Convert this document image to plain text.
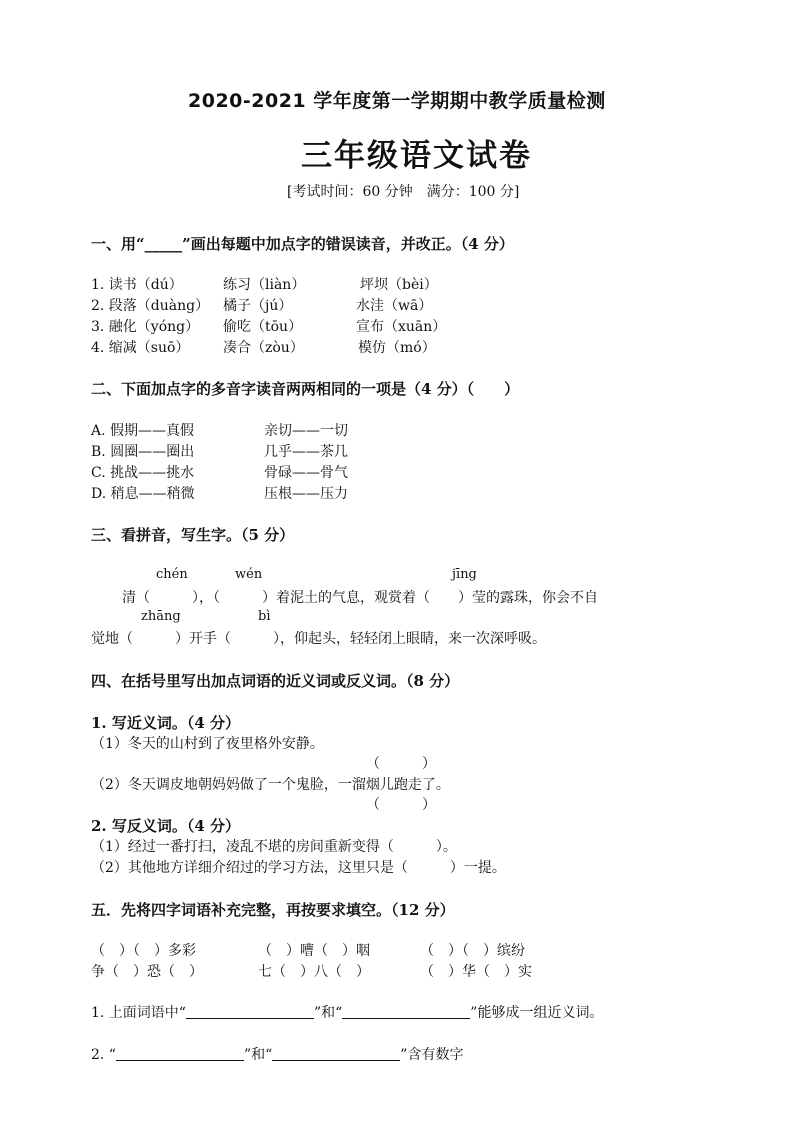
2020-2021 学年度第一学期期中教学质量检测
三年级语文试卷
[考试时间：60 分钟　满分：100 分]
一、用“_____”画出每题中加点字的错误读音，并改正。（4 分）
1. 读书（dú）	练习（liàn）	坪坝（bèi）
2. 段落（duàng） 橘子（jú）	水洼（wā）
3. 融化（yóng） 偷吃（tōu）	宣布（xuān）
4. 缩减（suō） 凑合（zòu）	模仿（mó）
二、下面加点字的多音字读音两两相同的一项是（4 分）（　　）
A. 假期——真假	亲切——一切
B. 圆圈——圈出	几乎——茶几
C. 挑战——挑水	骨碌——骨气
D. 稍息——稍微	压根——压力
三、看拼音，写生字。（5 分）
chén	wén	jīng
清（　　　），（　　　）着泥土的气息，观赏着（　　）莹的露珠，你会不自
zhāng	bì
觉地（　　　）开手（　　　），仰起头，轻轻闭上眼睛，来一次深呼吸。
四、在括号里写出加点词语的近义词或反义词。（8 分）
1. 写近义词。（4 分）
（1）冬天的山村到了夜里格外安静。
（　　　）
（2）冬天调皮地朝妈妈做了一个鬼脸，一溜烟儿跑走了。
（　　　）
2. 写反义词。（4 分）
（1）经过一番打扫，凌乱不堪的房间重新变得（　　　）。
（2）其他地方详细介绍过的学习方法，这里只是（　　　）一提。
五．先将四字词语补充完整，再按要求填空。（12 分）
（　）（　）多彩	（　）嘈（　）咽	（　）（　）缤纷
争（　）恐（　）	七（　）八（　）	（　）华（　）实
1. 上面词语中“	”和“	”能够成一组近义词。
2. “	”和“	”含有数字
